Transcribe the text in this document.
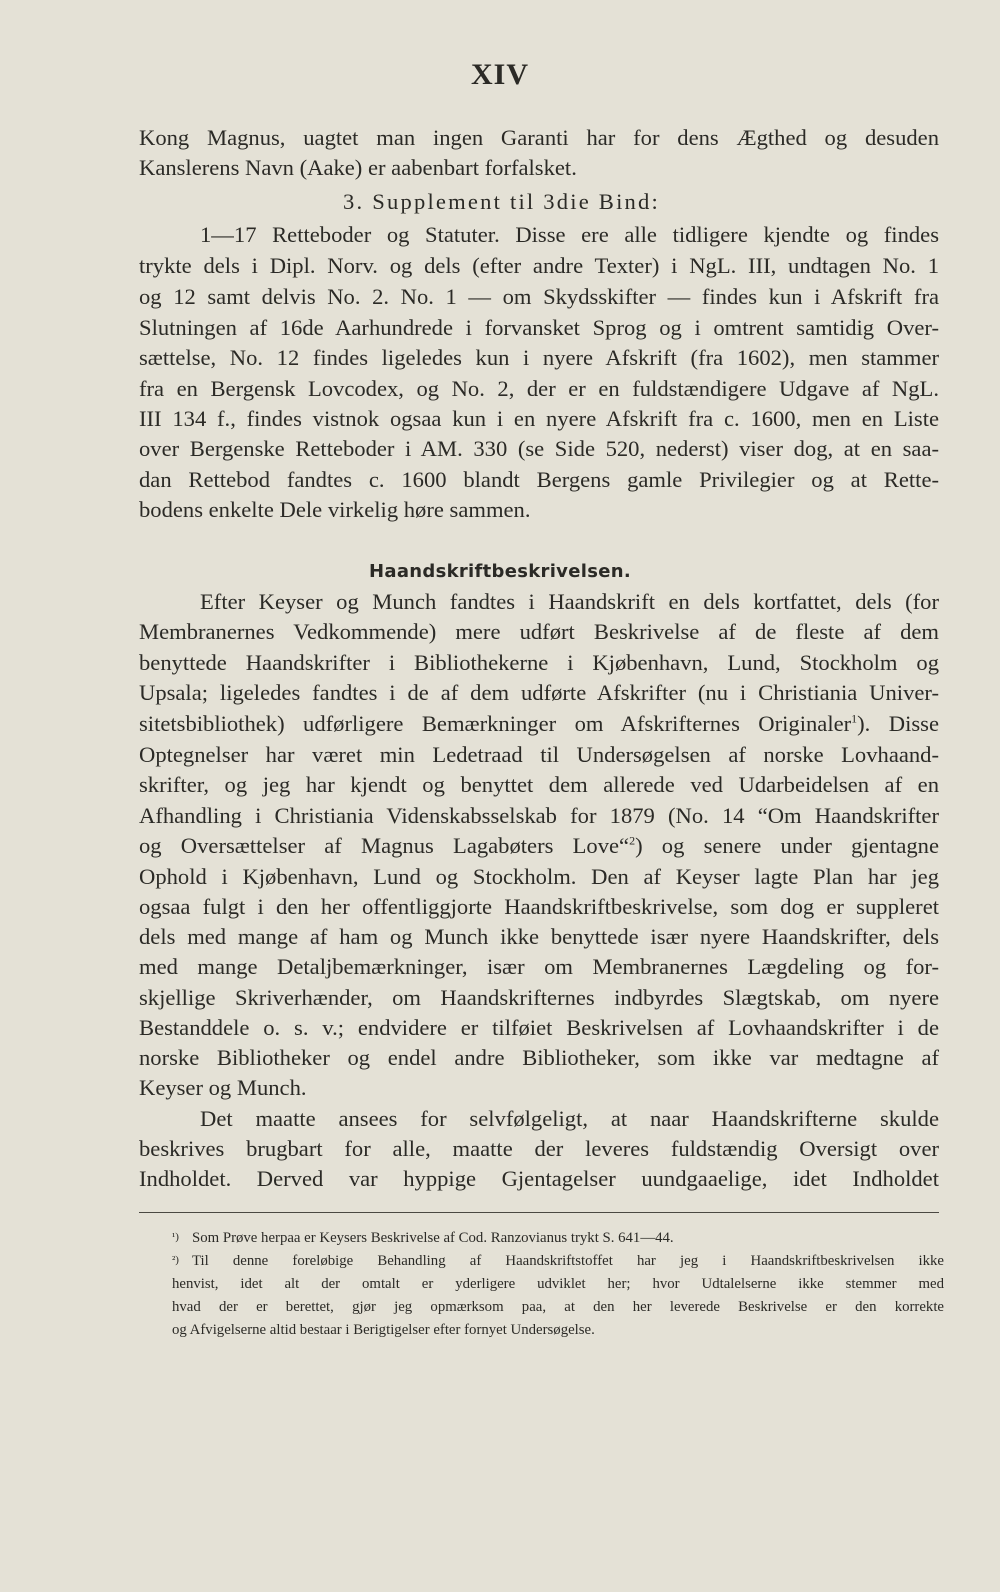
XIV

Kong Magnus, uagtet man ingen Garanti har for dens Ægthed og desuden

Kanslerens Navn (Aake) er aabenbart forfalsket.

3. Supplement til 3die Bind:

1—17 Retteboder og Statuter. Disse ere alle tidligere kjendte og findes

trykte dels i Dipl. Norv. og dels (efter andre Texter) i NgL. III, undtagen No. 1

og 12 samt delvis No. 2. No. 1 — om Skydsskifter — findes kun i Afskrift fra

Slutningen af 16de Aarhundrede i forvansket Sprog og i omtrent samtidig Over-

sættelse, No. 12 findes ligeledes kun i nyere Afskrift (fra 1602), men stammer

fra en Bergensk Lovcodex, og No. 2, der er en fuldstændigere Udgave af NgL.

III 134 f., findes vistnok ogsaa kun i en nyere Afskrift fra c. 1600, men en Liste

over Bergenske Retteboder i AM. 330 (se Side 520, nederst) viser dog, at en saa-

dan Rettebod fandtes c. 1600 blandt Bergens gamle Privilegier og at Rette-

bodens enkelte Dele virkelig høre sammen.

Haandskriftbeskrivelsen.

Efter Keyser og Munch fandtes i Haandskrift en dels kortfattet, dels (for

Membranernes Vedkommende) mere udført Beskrivelse af de fleste af dem

benyttede Haandskrifter i Bibliothekerne i Kjøbenhavn, Lund, Stockholm og

Upsala; ligeledes fandtes i de af dem udførte Afskrifter (nu i Christiania Univer-

sitetsbibliothek) udførligere Bemærkninger om Afskrifternes Originaler$^1$). Disse

Optegnelser har været min Ledetraad til Undersøgelsen af norske Lovhaand-

skrifter, og jeg har kjendt og benyttet dem allerede ved Udarbeidelsen af en

Afhandling i Christiania Videnskabsselskab for 1879 (No. 14 “Om Haandskrifter

og Oversættelser af Magnus Lagabøters Love“$^2$) og senere under gjentagne

Ophold i Kjøbenhavn, Lund og Stockholm. Den af Keyser lagte Plan har jeg

ogsaa fulgt i den her offentliggjorte Haandskriftbeskrivelse, som dog er suppleret

dels med mange af ham og Munch ikke benyttede især nyere Haandskrifter, dels

med mange Detaljbemærkninger, især om Membranernes Lægdeling og for-

skjellige Skriverhænder, om Haandskrifternes indbyrdes Slægtskab, om nyere

Bestanddele o. s. v.; endvidere er tilføiet Beskrivelsen af Lovhaandskrifter i de

norske Bibliotheker og endel andre Bibliotheker, som ikke var medtagne af

Keyser og Munch.

Det maatte ansees for selvfølgeligt, at naar Haandskrifterne skulde

beskrives brugbart for alle, maatte der leveres fuldstændig Oversigt over

Indholdet. Derved var hyppige Gjentagelser uundgaaelige, idet Indholdet

¹) Som Prøve herpaa er Keysers Beskrivelse af Cod. Ranzovianus trykt S. 641—44.

²) Til denne foreløbige Behandling af Haandskriftstoffet har jeg i Haandskriftbeskrivelsen ikke

henvist, idet alt der omtalt er yderligere udviklet her; hvor Udtalelserne ikke stemmer med

hvad der er berettet, gjør jeg opmærksom paa, at den her leverede Beskrivelse er den korrekte

og Afvigelserne altid bestaar i Berigtigelser efter fornyet Undersøgelse.
